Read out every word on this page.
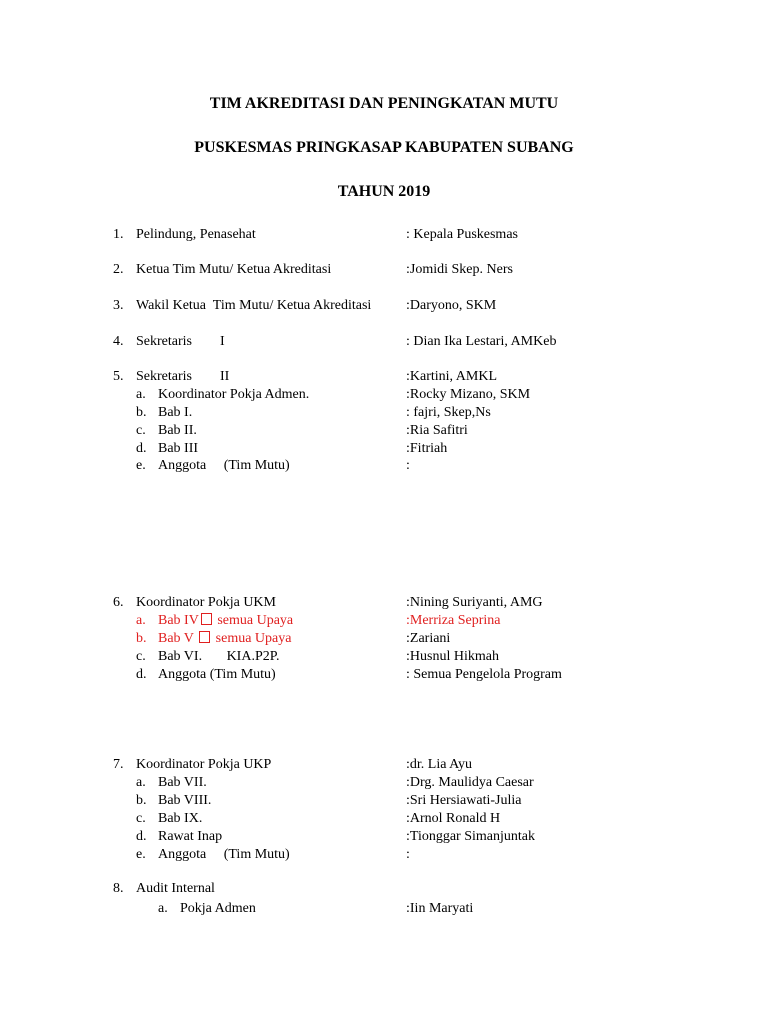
TIM AKREDITASI DAN PENINGKATAN MUTU
PUSKESMAS PRINGKASAP KABUPATEN SUBANG
TAHUN 2019
1. Pelindung, Penasehat	: Kepala Puskesmas
2. Ketua Tim Mutu/ Ketua Akreditasi	:Jomidi Skep. Ners
3. Wakil Ketua  Tim Mutu/ Ketua Akreditasi :Daryono, SKM
4. Sekretaris        I	: Dian Ika Lestari, AMKeb
5. Sekretaris        II	:Kartini, AMKL
a. Koordinator Pokja Admen.	:Rocky Mizano, SKM
b. Bab I.	: fajri, Skep,Ns
c. Bab II.	:Ria Safitri
d. Bab III	:Fitriah
e. Anggota     (Tim Mutu)	:
6. Koordinator Pokja UKM	:Nining Suriyanti, AMG
a. Bab IV semua Upaya	:Merriza Seprina
b. Bab V  semua Upaya	:Zariani
c. Bab VI.       KIA.P2P.	:Husnul Hikmah
d. Anggota (Tim Mutu)	: Semua Pengelola Program
7. Koordinator Pokja UKP	:dr. Lia Ayu
a. Bab VII.	:Drg. Maulidya Caesar
b. Bab VIII.	:Sri Hersiawati-Julia
c. Bab IX.	:Arnol Ronald H
d. Rawat Inap	:Tionggar Simanjuntak
e. Anggota     (Tim Mutu)	:
8. Audit Internal
a. Pokja Admen	:Iin Maryati
